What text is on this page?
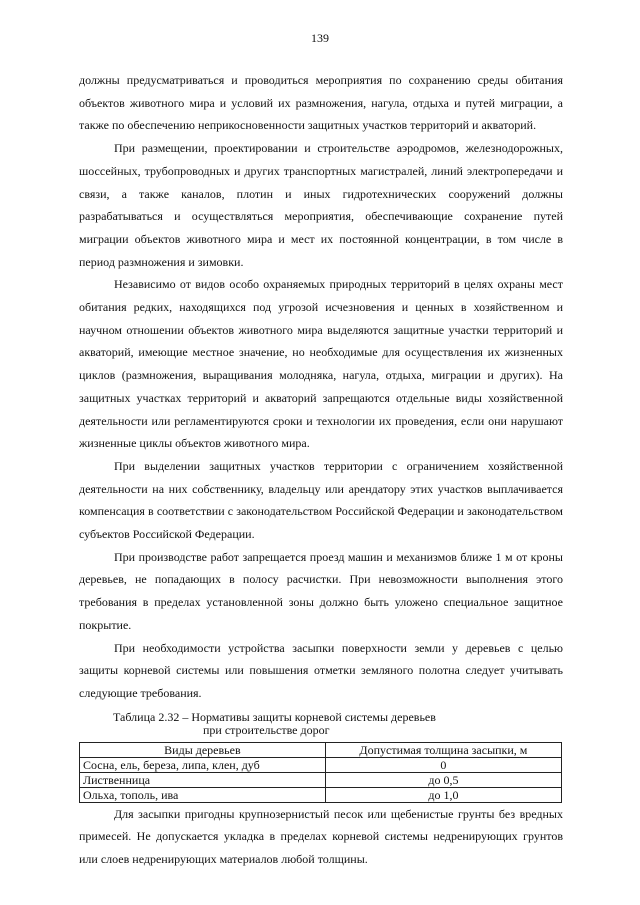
139

должны предусматриваться и проводиться мероприятия по сохранению среды обитания объектов животного мира и условий их размножения, нагула, отдыха и путей миграции, а также по обеспечению неприкосновенности защитных участков территорий и акваторий.

При размещении, проектировании и строительстве аэродромов, железнодорожных, шоссейных, трубопроводных и других транспортных магистралей, линий электропередачи и связи, а также каналов, плотин и иных гидротехнических сооружений должны разрабатываться и осуществляться мероприятия, обеспечивающие сохранение путей миграции объектов животного мира и мест их постоянной концентрации, в том числе в период размножения и зимовки.

Независимо от видов особо охраняемых природных территорий в целях охраны мест обитания редких, находящихся под угрозой исчезновения и ценных в хозяйственном и научном отношении объектов животного мира выделяются защитные участки территорий и акваторий, имеющие местное значение, но необходимые для осуществления их жизненных циклов (размножения, выращивания молодняка, нагула, отдыха, миграции и других). На защитных участках территорий и акваторий запрещаются отдельные виды хозяйственной деятельности или регламентируются сроки и технологии их проведения, если они нарушают жизненные циклы объектов животного мира.

При выделении защитных участков территории с ограничением хозяйственной деятельности на них собственнику, владельцу или арендатору этих участков выплачивается компенсация в соответствии с законодательством Российской Федерации и законодательством субъектов Российской Федерации.

При производстве работ запрещается проезд машин и механизмов ближе 1 м от кроны деревьев, не попадающих в полосу расчистки. При невозможности выполнения этого требования в пределах установленной зоны должно быть уложено специальное защитное покрытие.

При необходимости устройства засыпки поверхности земли у деревьев с целью защиты корневой системы или повышения отметки земляного полотна следует учитывать следующие требования.

Таблица 2.32 – Нормативы защиты корневой системы деревьев
при строительстве дорог
Виды деревьев	Допустимая толщина засыпки, м
Сосна, ель, береза, липа, клен, дуб	0
Лиственница	до 0,5
Ольха, тополь, ива	до 1,0

Для засыпки пригодны крупнозернистый песок или щебенистые грунты без вредных примесей. Не допускается укладка в пределах корневой системы недренирующих грунтов или слоев недренирующих материалов любой толщины.
